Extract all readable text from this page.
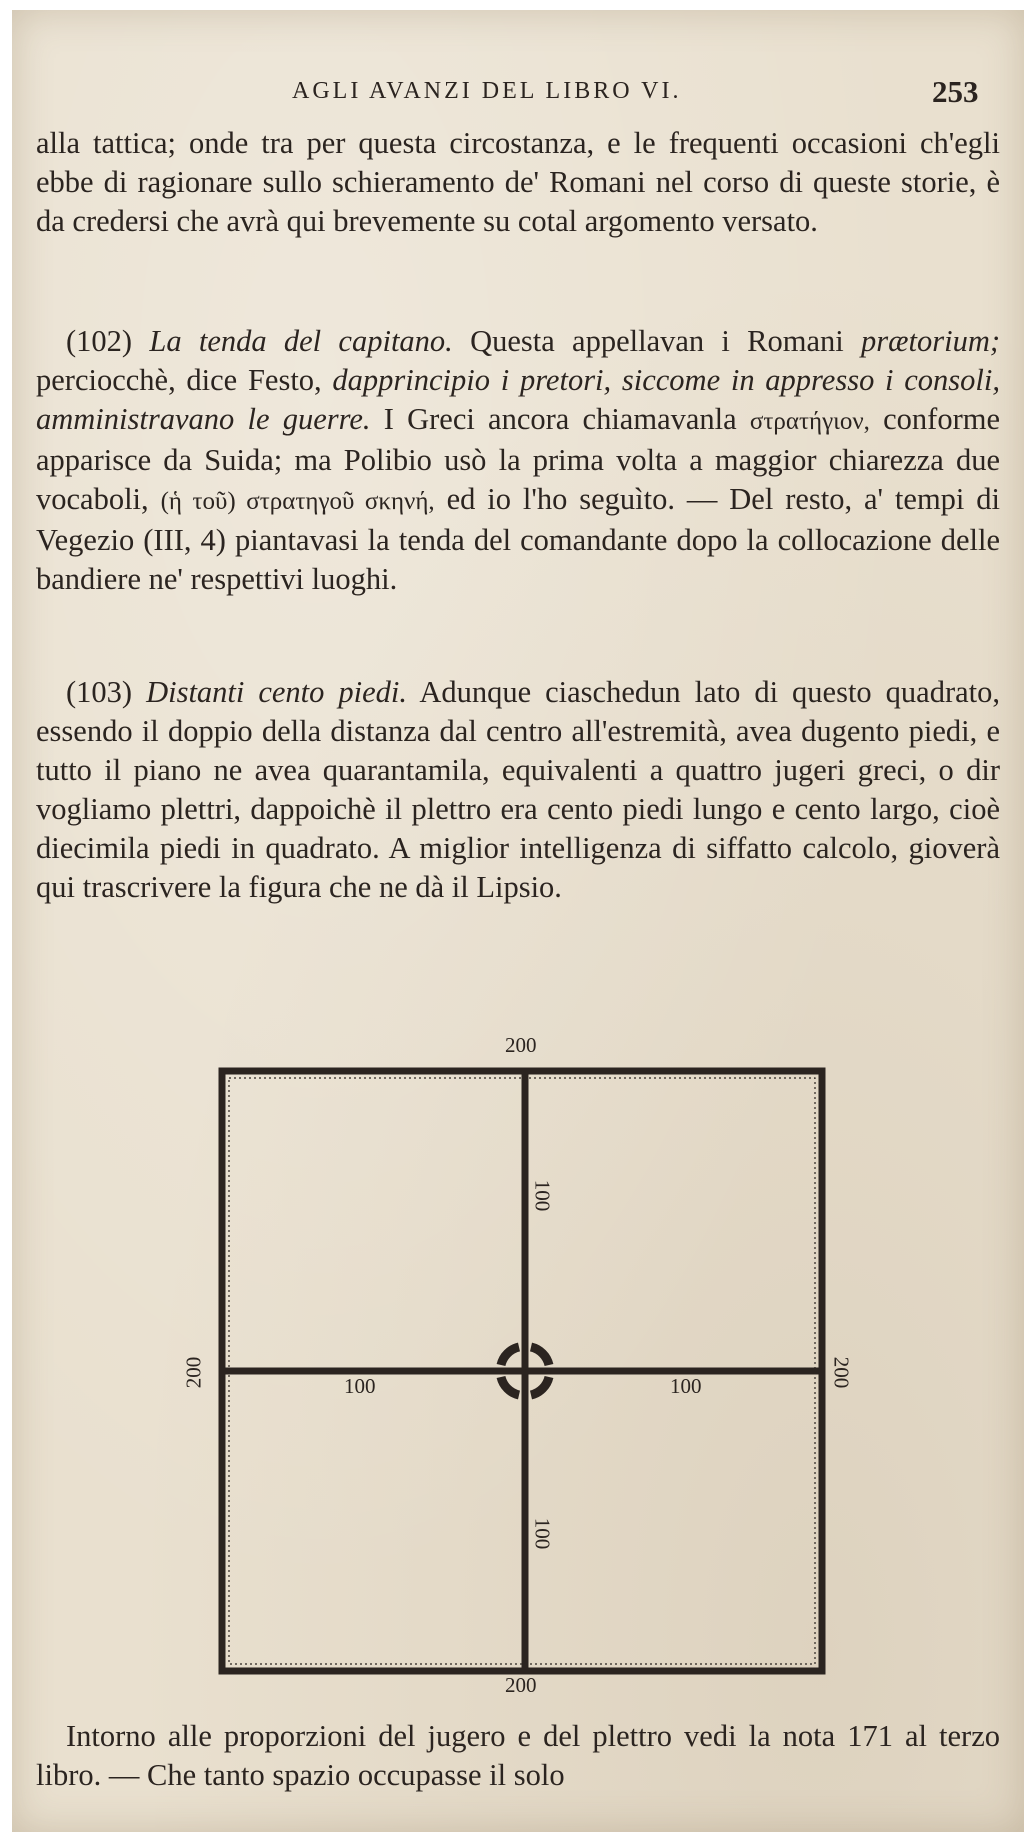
AGLI AVANZI DEL LIBRO VI.	253

alla tattica; onde tra per questa circostanza, e le frequenti occasioni ch'egli ebbe di ragionare sullo schieramento de' Romani nel corso di queste storie, è da credersi che avrà qui brevemente su cotal argomento versato.

(102) La tenda del capitano. Questa appellavan i Romani prætorium; perciocchè, dice Festo, dapprincipio i pretori, siccome in appresso i consoli, amministravano le guerre. I Greci ancora chiamavanla στρατήγιον, conforme apparisce da Suida; ma Polibio usò la prima volta a maggior chiarezza due vocaboli, (ἡ τοῦ) στρατηγοῦ σκηνή, ed io l'ho seguìto. — Del resto, a' tempi di Vegezio (III, 4) piantavasi la tenda del comandante dopo la collocazione delle bandiere ne' respettivi luoghi.

(103) Distanti cento piedi. Adunque ciaschedun lato di questo quadrato, essendo il doppio della distanza dal centro all'estremità, avea dugento piedi, e tutto il piano ne avea quarantamila, equivalenti a quattro jugeri greci, o dir vogliamo plettri, dappoichè il plettro era cento piedi lungo e cento largo, cioè diecimila piedi in quadrato. A miglior intelligenza di siffatto calcolo, gioverà qui trascrivere la figura che ne dà il Lipsio.

200
200
200	200
100
100
100	100

Intorno alle proporzioni del jugero e del plettro vedi la nota 171 al terzo libro. — Che tanto spazio occupasse il solo
